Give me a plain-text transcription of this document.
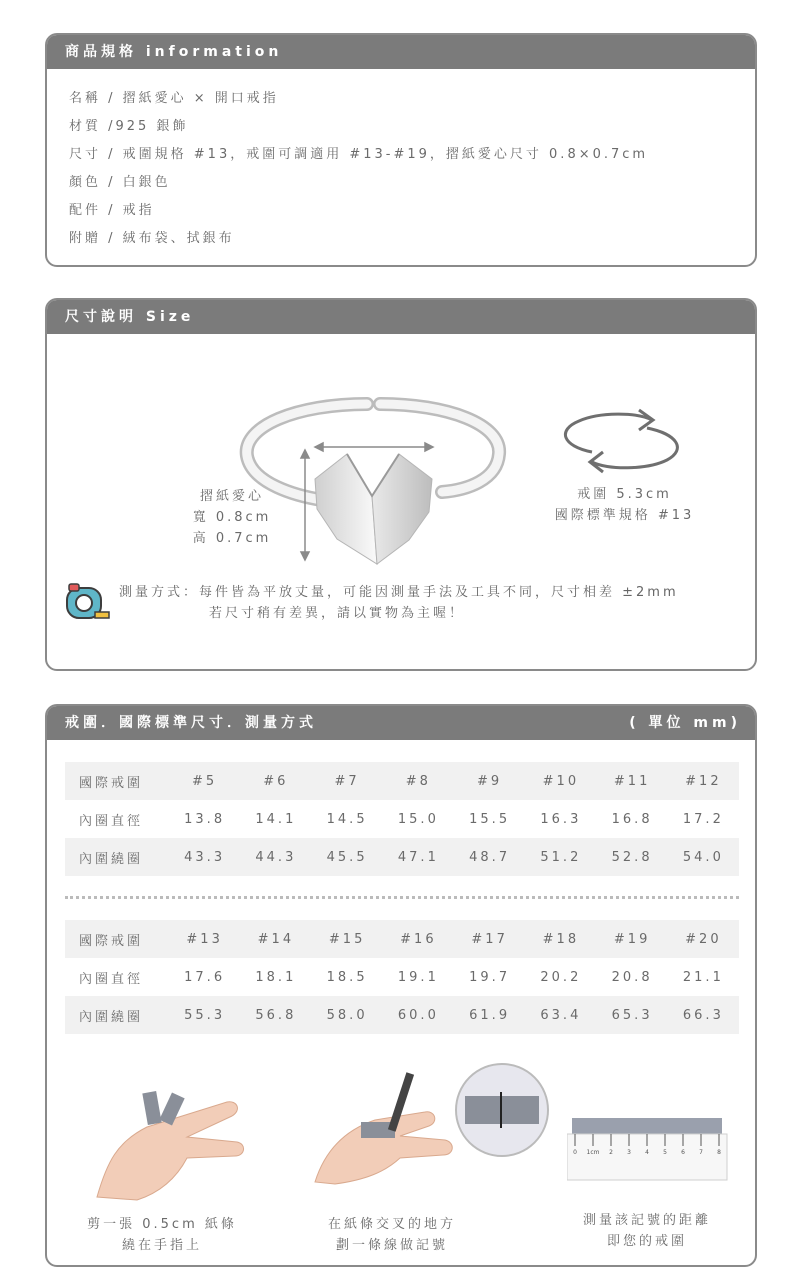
商品規格 information
名稱 / 摺紙愛心 × 開口戒指
材質 /925 銀飾
尺寸 / 戒圍規格 #13，戒圍可調適用 #13-#19，摺紙愛心尺寸 0.8×0.7cm
顏色 / 白銀色
配件 / 戒指
附贈 / 絨布袋、拭銀布
尺寸說明 Size
摺紙愛心
寬 0.8cm
高 0.7cm
戒圍 5.3cm
國際標準規格 #13
測量方式：每件皆為平放丈量，可能因測量手法及工具不同，尺寸相差 ±2mm
若尺寸稍有差異，請以實物為主喔！
戒圍．國際標準尺寸．測量方式	( 單位 mm)
國際戒圍	#5	#6	#7	#8	#9	#10	#11	#12
內圈直徑	13.8	14.1	14.5	15.0	15.5	16.3	16.8	17.2
內圍繞圈	43.3	44.3	45.5	47.1	48.7	51.2	52.8	54.0
國際戒圍	#13	#14	#15	#16	#17	#18	#19	#20
內圈直徑	17.6	18.1	18.5	19.1	19.7	20.2	20.8	21.1
內圍繞圈	55.3	56.8	58.0	60.0	61.9	63.4	65.3	66.3
0 1cm 2 3 4 5 6 7 8
剪一張 0.5cm 紙條
繞在手指上
在紙條交叉的地方
劃一條線做記號
測量該記號的距離
即您的戒圍
